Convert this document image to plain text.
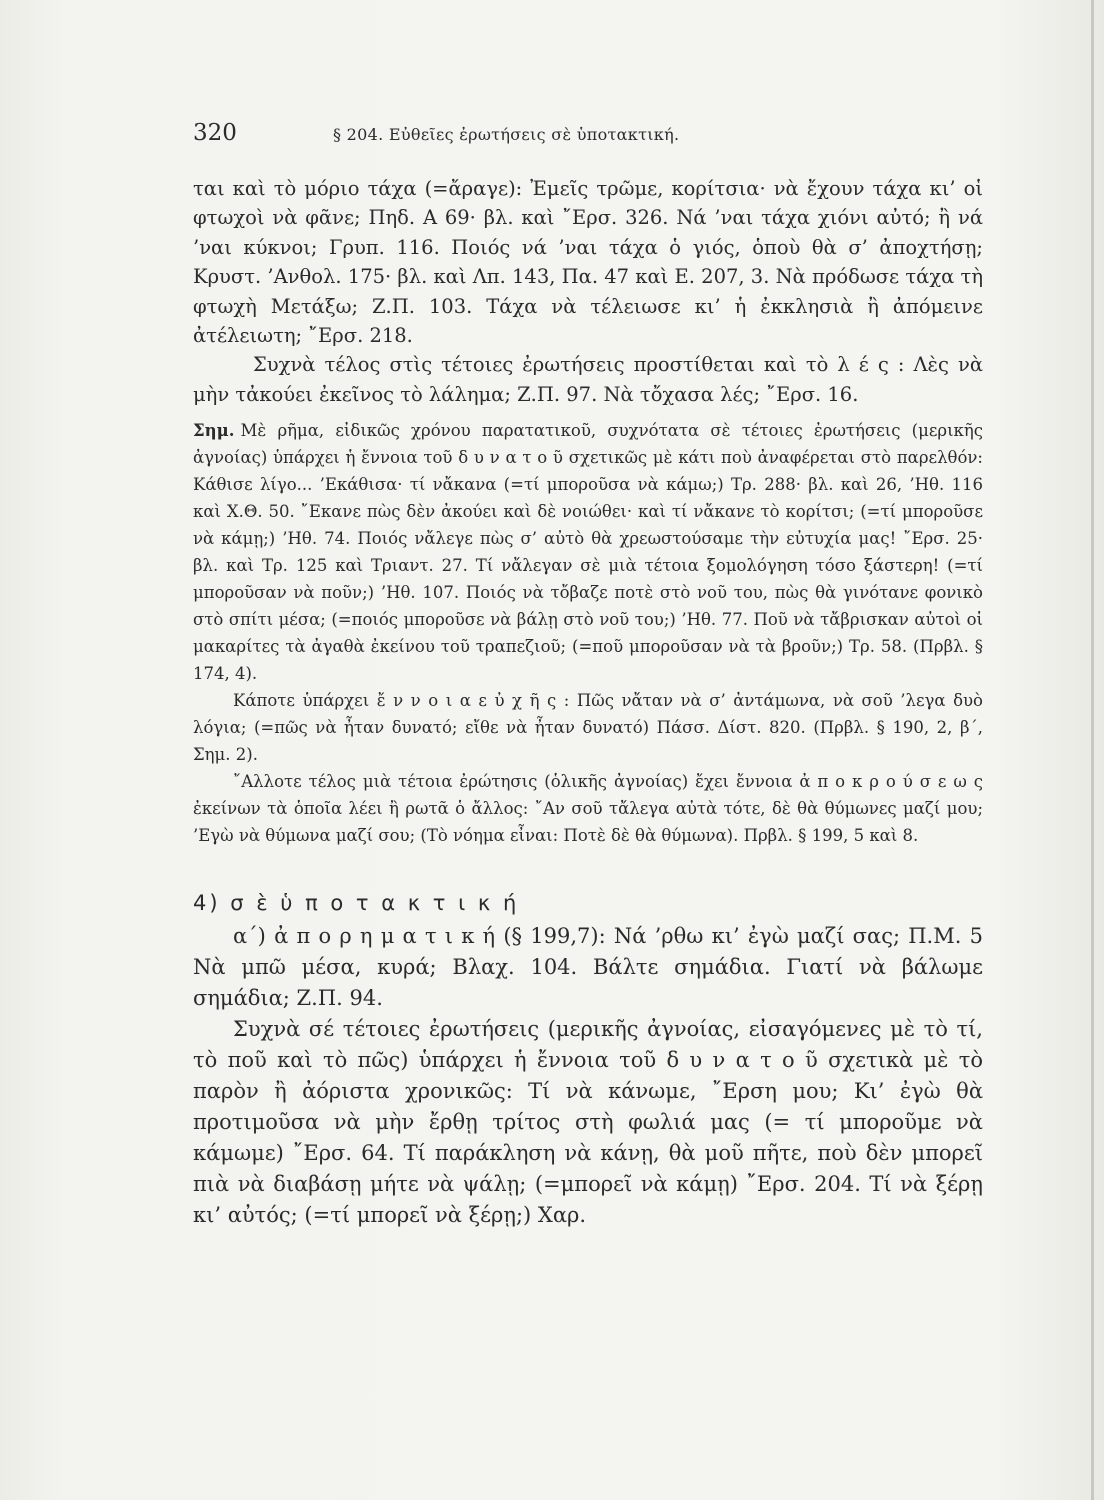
320	§ 204. Εὐθεῖες ἐρωτήσεις σὲ ὑποτακτική.

ται καὶ τὸ μόριο τάχα (=ἄραγε): Ἐμεῖς τρῶμε, κορίτσια· νὰ ἔχουν τάχα κι’ οἱ φτωχοὶ νὰ φᾶνε; Πηδ. Α 69· βλ. καὶ ῎Ερσ. 326. Νά ’ναι τάχα χιόνι αὐτό; ἢ νά ’ναι κύκνοι; Γρυπ. 116. Ποιός νά ’ναι τάχα ὁ γιός, ὁποὺ θὰ σ’ ἀποχτήσῃ; Κρυστ. ’Ανθολ. 175· βλ. καὶ Λπ. 143, Πα. 47 καὶ Ε. 207, 3. Νὰ πρόδωσε τάχα τὴ φτωχὴ Μετάξω; Ζ.Π. 103. Τάχα νὰ τέλειωσε κι’ ἡ ἐκκλησιὰ ἢ ἀπόμεινε ἀτέλειωτη; ῎Ερσ. 218.

Συχνὰ τέλος στὶς τέτοιες ἐρωτήσεις προστίθεται καὶ τὸ λ έ ς : Λὲς νὰ μὴν τἀκούει ἐκεῖνος τὸ λάλημα; Ζ.Π. 97. Νὰ τὄχασα λές; ῎Ερσ. 16.

Σημ. Μὲ ρῆμα, εἰδικῶς χρόνου παρατατικοῦ, συχνότατα σὲ τέτοιες ἐρωτήσεις (μερικῆς ἀγνοίας) ὑπάρχει ἡ ἔννοια τοῦ δ υ ν α τ ο ῦ σχετικῶς μὲ κάτι ποὺ ἀναφέρεται στὸ παρελθόν: Κάθισε λίγο... ’Εκάθισα· τί νἄκανα (=τί μποροῦσα νὰ κάμω;) Τρ. 288· βλ. καὶ 26, ’Ηθ. 116 καὶ Χ.Θ. 50. ῎Εκανε πὼς δὲν ἀκούει καὶ δὲ νοιώθει· καὶ τί νἄκανε τὸ κορίτσι; (=τί μποροῦσε νὰ κάμῃ;) ’Ηθ. 74. Ποιός νἄλεγε πὼς σ’ αὐτὸ θὰ χρεωστούσαμε τὴν εὐτυχία μας! ῎Ερσ. 25· βλ. καὶ Τρ. 125 καὶ Τριαντ. 27. Τί νἄλεγαν σὲ μιὰ τέτοια ξομολόγηση τόσο ξάστερη! (=τί μποροῦσαν νὰ ποῦν;) ’Ηθ. 107. Ποιός νὰ τὄβαζε ποτὲ στὸ νοῦ του, πὼς θὰ γινότανε φονικὸ στὸ σπίτι μέσα; (=ποιός μποροῦσε νὰ βάλῃ στὸ νοῦ του;) ’Ηθ. 77. Ποῦ νὰ τἄβρισκαν αὐτοὶ οἱ μακαρίτες τὰ ἀγαθὰ ἐκείνου τοῦ τραπεζιοῦ; (=ποῦ μποροῦσαν νὰ τὰ βροῦν;) Τρ. 58. (Πρβλ. § 174, 4).

Κάποτε ὑπάρχει ἔ ν ν ο ι α ε ὐ χ ῆ ς : Πῶς νἄταν νὰ σ’ ἀντάμωνα, νὰ σοῦ ’λεγα δυὸ λόγια; (=πῶς νὰ ἦταν δυνατό; εἴθε νὰ ἦταν δυνατό) Πάσσ. Δίστ. 820. (Πρβλ. § 190, 2, β΄, Σημ. 2).

῎Αλλοτε τέλος μιὰ τέτοια ἐρώτησις (ὁλικῆς ἀγνοίας) ἔχει ἔννοια ἀ π ο κ ρ ο ύ σ ε ω ς ἐκείνων τὰ ὁποῖα λέει ἢ ρωτᾶ ὁ ἄλλος: ῎Αν σοῦ τἄλεγα αὐτὰ τότε, δὲ θὰ θύμωνες μαζί μου; ’Εγὼ νὰ θύμωνα μαζί σου; (Τὸ νόημα εἶναι: Ποτὲ δὲ θὰ θύμωνα). Πρβλ. § 199, 5 καὶ 8.

4) σ ὲ ὑ π ο τ α κ τ ι κ ή

α΄) ἀ π ο ρ η μ α τ ι κ ή (§ 199,7): Νά ’ρθω κι’ ἐγὼ μαζί σας; Π.Μ. 5 Νὰ μπῶ μέσα, κυρά; Βλαχ. 104. Βάλτε σημάδια. Γιατί νὰ βάλωμε σημάδια; Ζ.Π. 94.

Συχνὰ σέ τέτοιες ἐρωτήσεις (μερικῆς ἀγνοίας, εἰσαγόμενες μὲ τὸ τί, τὸ ποῦ καὶ τὸ πῶς) ὑπάρχει ἡ ἔννοια τοῦ δ υ ν α τ ο ῦ σχετικὰ μὲ τὸ παρὸν ἢ ἀόριστα χρονικῶς: Τί νὰ κάνωμε, ῎Ερση μου; Κι’ ἐγὼ θὰ προτιμοῦσα νὰ μὴν ἔρθῃ τρίτος στὴ φωλιά μας (= τί μποροῦμε νὰ κάμωμε) ῎Ερσ. 64. Τί παράκληση νὰ κάνῃ, θὰ μοῦ πῆτε, ποὺ δὲν μπορεῖ πιὰ νὰ διαβάσῃ μήτε νὰ ψάλῃ; (=μπορεῖ νὰ κάμῃ) ῎Ερσ. 204. Τί νὰ ξέρῃ κι’ αὐτός; (=τί μπορεῖ νὰ ξέρῃ;) Χαρ.
